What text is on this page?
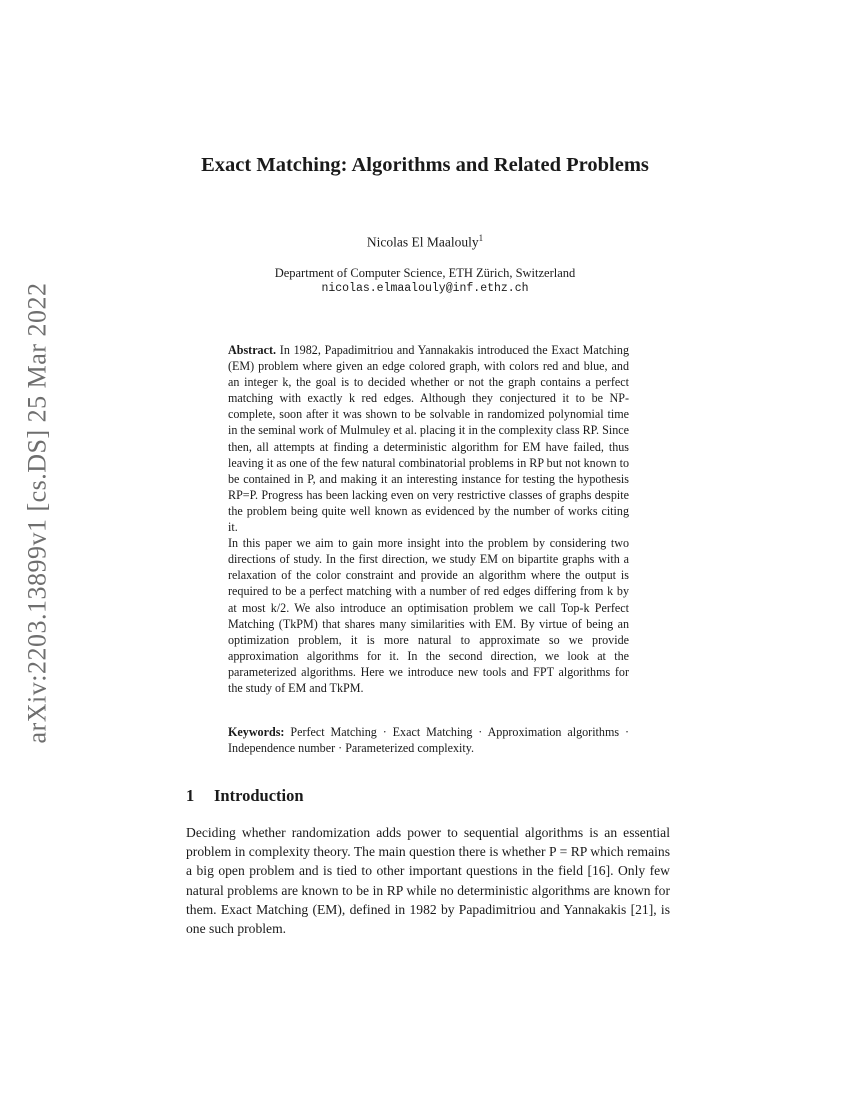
arXiv:2203.13899v1 [cs.DS] 25 Mar 2022
Exact Matching: Algorithms and Related Problems
Nicolas El Maalouly$^1$
Department of Computer Science, ETH Zürich, Switzerland
nicolas.elmaalouly@inf.ethz.ch

Abstract. In 1982, Papadimitriou and Yannakakis introduced the Exact Matching (EM) problem where given an edge colored graph, with colors red and blue, and an integer k, the goal is to decided whether or not the graph contains a perfect matching with exactly k red edges. Although they conjectured it to be NP-complete, soon after it was shown to be solvable in randomized polynomial time in the seminal work of Mulmuley et al. placing it in the complexity class RP. Since then, all attempts at finding a deterministic algorithm for EM have failed, thus leaving it as one of the few natural combinatorial problems in RP but not known to be contained in P, and making it an interesting instance for testing the hypothesis RP=P. Progress has been lacking even on very restrictive classes of graphs despite the problem being quite well known as evidenced by the number of works citing it.

In this paper we aim to gain more insight into the problem by considering two directions of study. In the first direction, we study EM on bipartite graphs with a relaxation of the color constraint and provide an algorithm where the output is required to be a perfect matching with a number of red edges differing from k by at most k/2. We also introduce an optimisation problem we call Top-k Perfect Matching (TkPM) that shares many similarities with EM. By virtue of being an optimization problem, it is more natural to approximate so we provide approximation algorithms for it. In the second direction, we look at the parameterized algorithms. Here we introduce new tools and FPT algorithms for the study of EM and TkPM.

Keywords: Perfect Matching · Exact Matching · Approximation algorithms · Independence number · Parameterized complexity.
1 Introduction

Deciding whether randomization adds power to sequential algorithms is an essential problem in complexity theory. The main question there is whether P = RP which remains a big open problem and is tied to other important questions in the field [16]. Only few natural problems are known to be in RP while no deterministic algorithms are known for them. Exact Matching (EM), defined in 1982 by Papadimitriou and Yannakakis [21], is one such problem.
